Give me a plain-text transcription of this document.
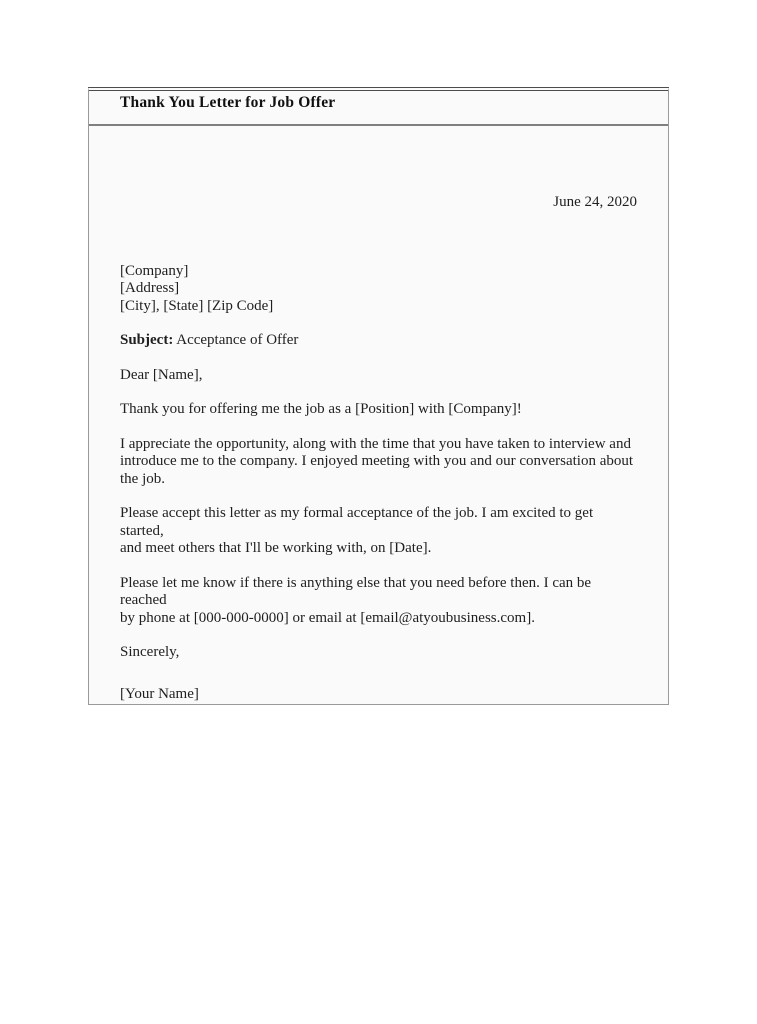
Thank You Letter for Job Offer

June 24, 2020

[Company]
[Address]
[City], [State] [Zip Code]

Subject: Acceptance of Offer

Dear [Name],

Thank you for offering me the job as a [Position] with [Company]!

I appreciate the opportunity, along with the time that you have taken to interview and
introduce me to the company. I enjoyed meeting with you and our conversation about
the job.

Please accept this letter as my formal acceptance of the job. I am excited to get started,
and meet others that I'll be working with, on [Date].

Please let me know if there is anything else that you need before then. I can be reached
by phone at [000-000-0000] or email at [email@atyoubusiness.com].

Sincerely,

[Your Name]
